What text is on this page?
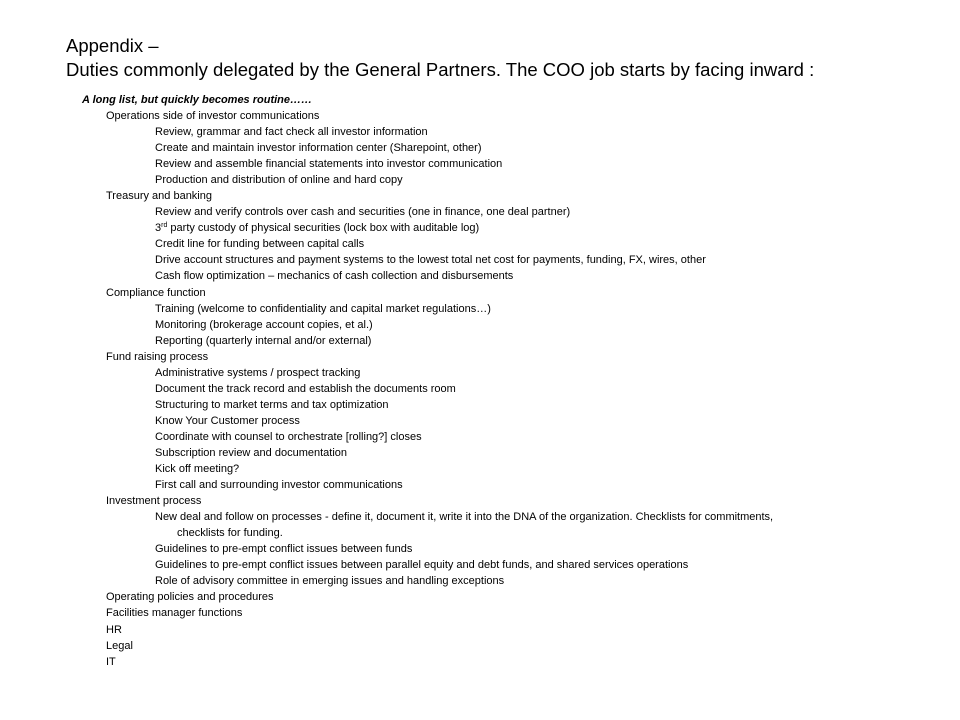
Appendix –
Duties commonly delegated by the General Partners. The COO job starts by facing inward :
A long list, but quickly becomes routine……
Operations side of investor communications
Review, grammar and fact check all investor information
Create and maintain investor information center (Sharepoint, other)
Review and assemble financial statements into investor communication
Production and distribution of online and hard copy
Treasury and banking
Review and verify controls over cash and securities (one in finance, one deal partner)
3rd party custody of physical securities (lock box with auditable log)
Credit line for funding between capital calls
Drive account structures and payment systems to the lowest total net cost for payments, funding, FX, wires, other
Cash flow optimization – mechanics of cash collection and disbursements
Compliance function
Training (welcome to confidentiality and capital market regulations…)
Monitoring (brokerage account copies, et al.)
Reporting (quarterly internal and/or external)
Fund raising process
Administrative systems / prospect tracking
Document the track record and establish the documents room
Structuring to market terms and tax optimization
Know Your Customer process
Coordinate with counsel to orchestrate [rolling?] closes
Subscription review and documentation
Kick off meeting?
First call and surrounding investor communications
Investment process
New deal and follow on processes - define it, document it, write it into the DNA of the organization. Checklists for commitments,
checklists for funding.
Guidelines to pre-empt conflict issues between funds
Guidelines to pre-empt conflict issues between parallel equity and debt funds, and shared services operations
Role of advisory committee in emerging issues and handling exceptions
Operating policies and procedures
Facilities manager functions
HR
Legal
IT
